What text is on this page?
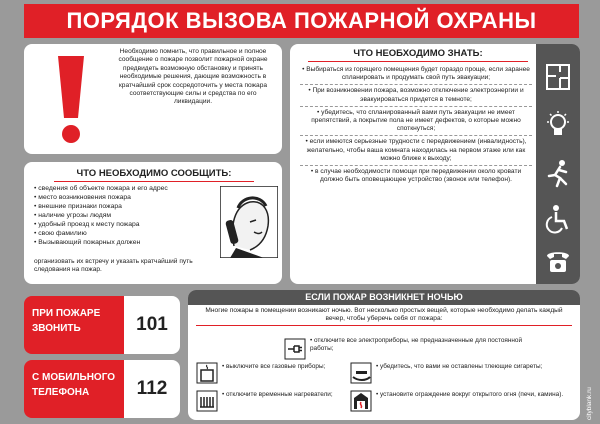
ПОРЯДОК ВЫЗОВА ПОЖАРНОЙ ОХРАНЫ
Необходимо помнить, что правильное и полное сообщение о пожаре позволит пожарной охране предвидеть возможную обстановку и принять необходимые решения, дающие возможность в кратчайший срок сосредоточить у места пожара соответствующие силы и средства по его ликвидации.
ЧТО НЕОБХОДИМО СООБЩИТЬ:
• сведения об объекте пожара и его адрес
• место возникновения пожара
• внешние признаки пожара
• наличие угрозы людям
• удобный проезд к месту пожара
• свою фамилию
• Вызывающий пожарных должен
организовать их встречу и указать кратчайший путь следования на пожар.
ЧТО НЕОБХОДИМО ЗНАТЬ:
• Выбираться из горящего помещения будет гораздо проще, если заранее спланировать и продумать свой путь эвакуации;
• При возникновении пожара, возможно отключение электроэнергии и эвакуироваться придется в темноте;
• убедитесь, что спланированный вами путь эвакуации не имеет препятствий, а покрытие пола не имеет дефектов, о которые можно споткнуться;
• если имеются серьезные трудности с передвижением (инвалидность), желательно, чтобы ваша комната находилась на первом этаже или как можно ближе к выходу;
• в случае необходимости помощи при передвижении около кровати должно быть оповещающее устройство (звонок или телефон).
ПРИ ПОЖАРЕ ЗВОНИТЬ	101
С МОБИЛЬНОГО ТЕЛЕФОНА	112
ЕСЛИ ПОЖАР ВОЗНИКНЕТ НОЧЬЮ
Многие пожары в помещении возникают ночью. Вот несколько простых вещей, которые необходимо делать каждый вечер, чтобы уберечь себя от пожара:
• отключите все электроприборы, не предназначенные для постоянной работы;
• выключите все газовые приборы;	• убедитесь, что вами не оставлены тлеющие сигареты;
• отключите временные нагреватели;	• установите ограждение вокруг открытого огня (печи, камина).	cityblank.ru
